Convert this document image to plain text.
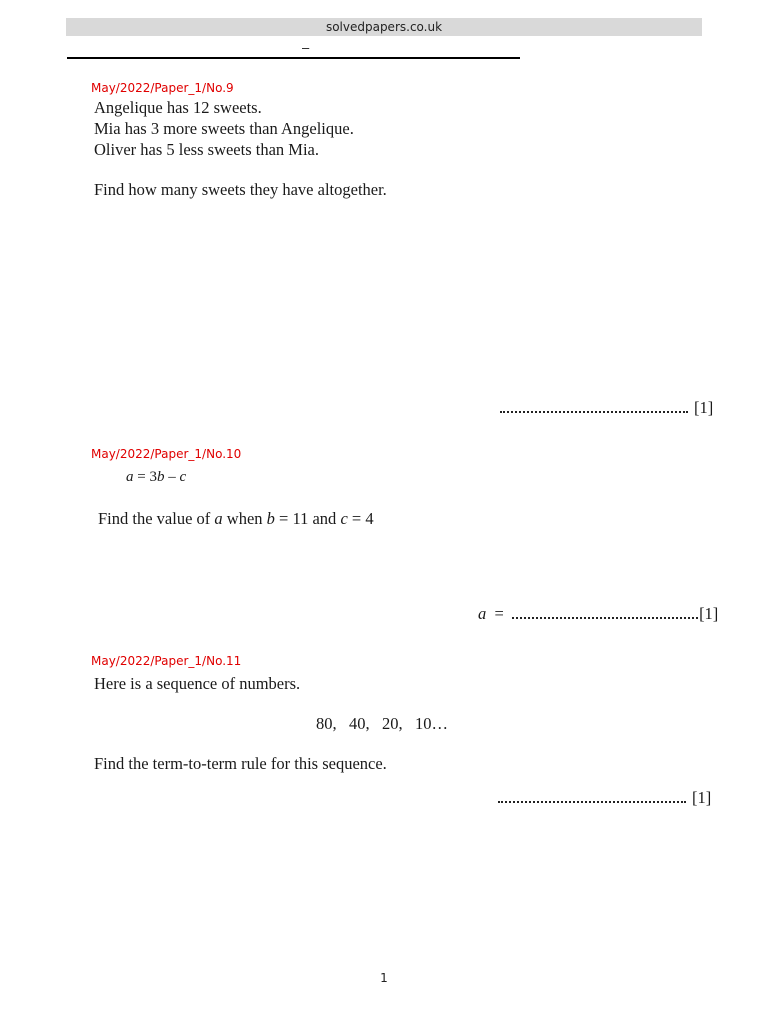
solvedpapers.co.uk
–
May/2022/Paper_1/No.9
Angelique has 12 sweets.
Mia has 3 more sweets than Angelique.
Oliver has 5 less sweets than Mia.
Find how many sweets they have altogether.
[1]
May/2022/Paper_1/No.10
a = 3b – c
Find the value of a when b = 11 and c = 4
a =	[1]
May/2022/Paper_1/No.11
Here is a sequence of numbers.
80,   40,   20,   10…
Find the term-to-term rule for this sequence.
[1]
1
